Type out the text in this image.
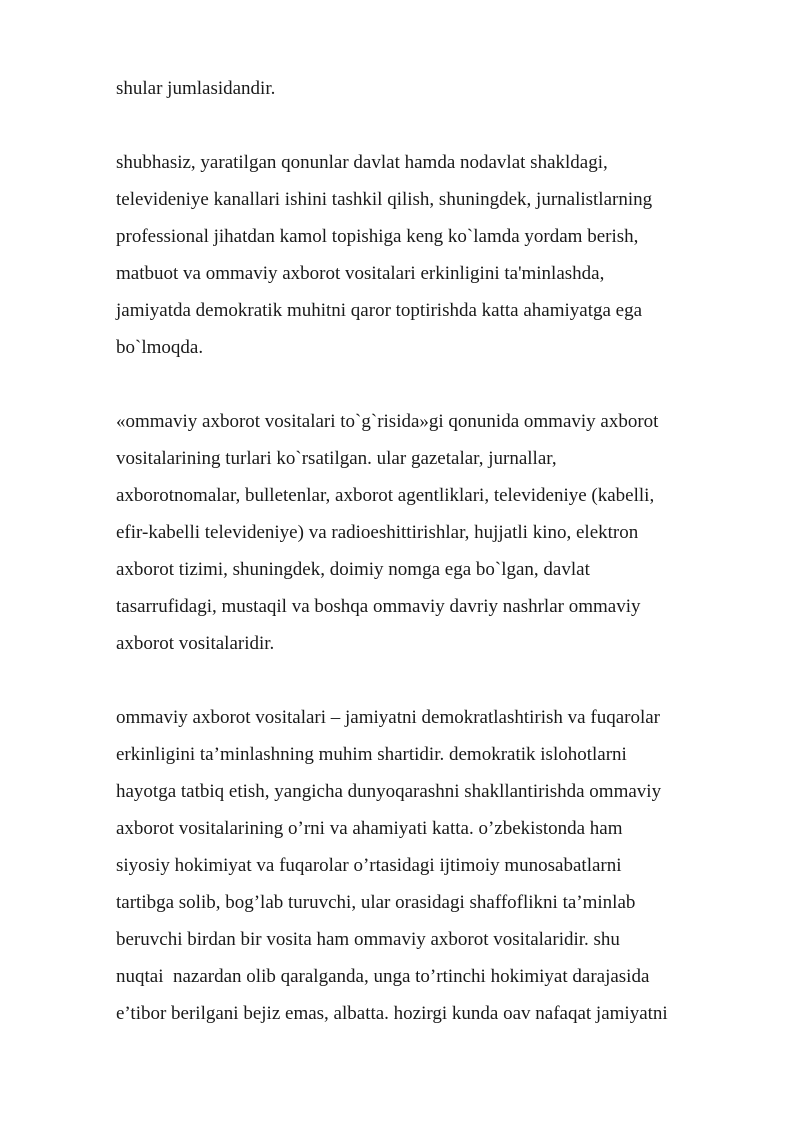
shular jumlasidandir.
shubhasiz, yaratilgan qonunlar davlat hamda nodavlat shakldagi,
televideniye kanallari ishini tashkil qilish, shuningdek, jurnalistlarning
professional jihatdan kamol topishiga keng ko`lamda yordam berish,
matbuot va ommaviy axborot vositalari erkinligini ta'minlashda,
jamiyatda demokratik muhitni qaror toptirishda katta ahamiyatga ega
bo`lmoqda.
«ommaviy axborot vositalari to`g`risida»gi qonunida ommaviy axborot
vositalarining turlari ko`rsatilgan. ular gazetalar, jurnallar,
axborotnomalar, bulletenlar, axborot agentliklari, televideniye (kabelli,
efir-kabelli televideniye) va radioeshittirishlar, hujjatli kino, elektron
axborot tizimi, shuningdek, doimiy nomga ega bo`lgan, davlat
tasarrufidagi, mustaqil va boshqa ommaviy davriy nashrlar ommaviy
axborot vositalaridir.
ommaviy axborot vositalari – jamiyatni demokratlashtirish va fuqarolar
erkinligini ta’minlashning muhim shartidir. demokratik islohotlarni
hayotga tatbiq etish, yangicha dunyoqarashni shakllantirishda ommaviy
axborot vositalarining o’rni va ahamiyati katta. o’zbekistonda ham
siyosiy hokimiyat va fuqarolar o’rtasidagi ijtimoiy munosabatlarni
tartibga solib, bog’lab turuvchi, ular orasidagi shaffoflikni ta’minlab
beruvchi birdan bir vosita ham ommaviy axborot vositalaridir. shu
nuqtai  nazardan olib qaralganda, unga to’rtinchi hokimiyat darajasida
e’tibor berilgani bejiz emas, albatta. hozirgi kunda oav nafaqat jamiyatni
